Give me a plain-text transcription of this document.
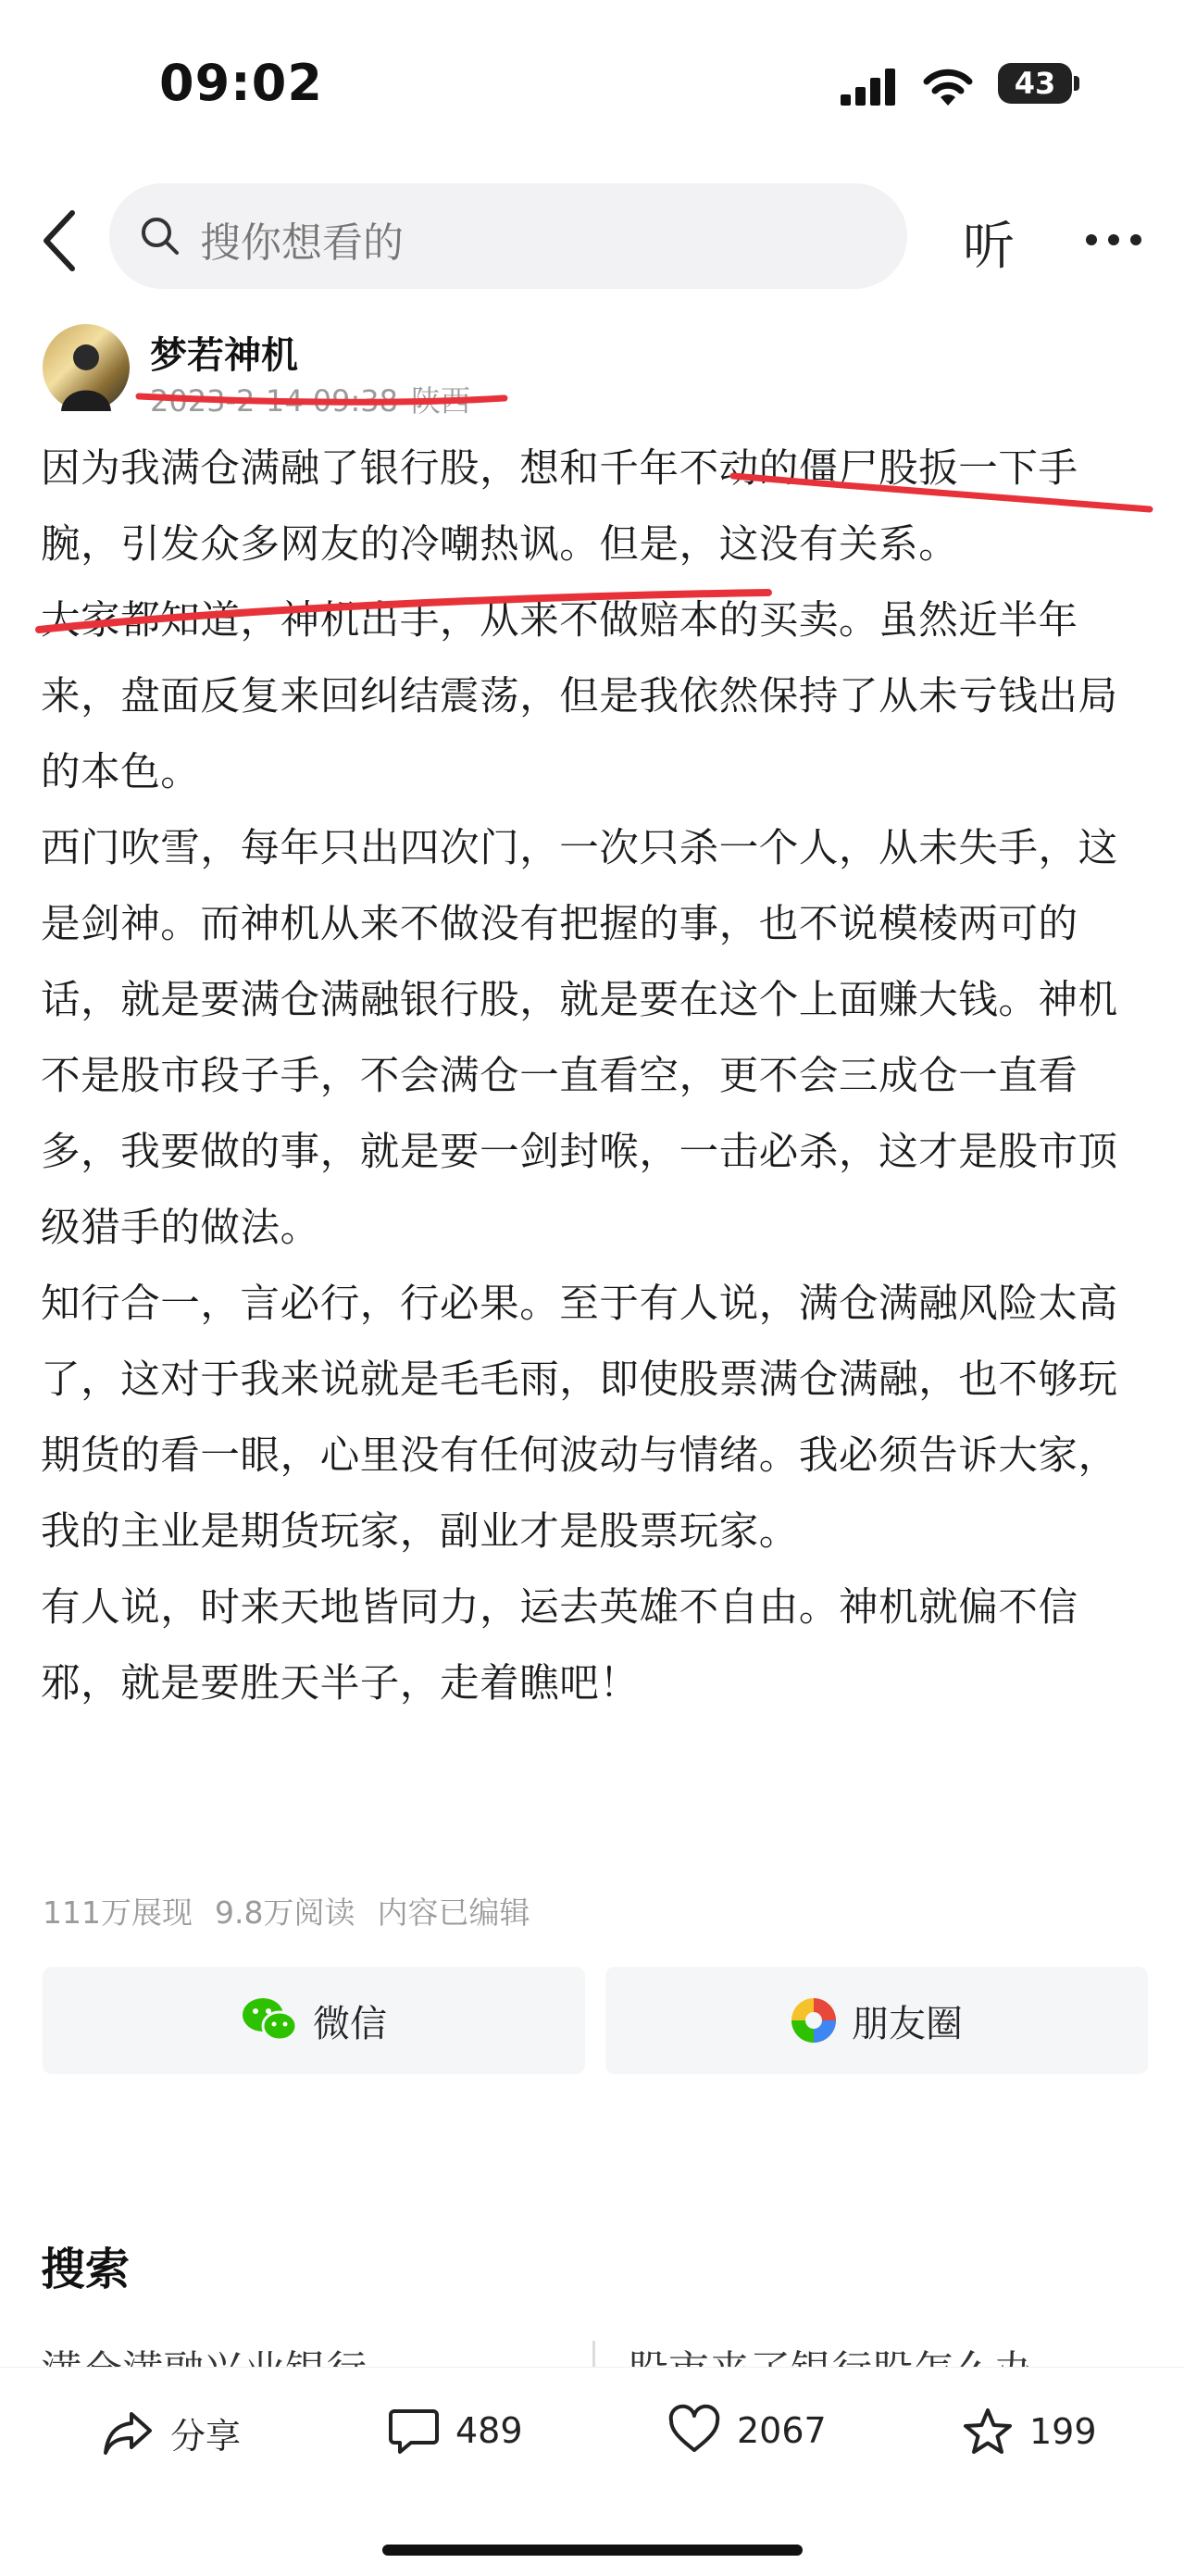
09:02	43
搜你想看的	听
梦若神机
2023-2-14 09:38 陕西

因为我满仓满融了银行股，想和千年不动的僵尸股扳一下手腕，引发众多网友的冷嘲热讽。但是，这没有关系。

大家都知道，神机出手，从来不做赔本的买卖。虽然近半年来，盘面反复来回纠结震荡，但是我依然保持了从未亏钱出局的本色。

西门吹雪，每年只出四次门，一次只杀一个人，从未失手，这是剑神。而神机从来不做没有把握的事，也不说模棱两可的话，就是要满仓满融银行股，就是要在这个上面赚大钱。神机不是股市段子手，不会满仓一直看空，更不会三成仓一直看多，我要做的事，就是要一剑封喉，一击必杀，这才是股市顶级猎手的做法。

知行合一，言必行，行必果。至于有人说，满仓满融风险太高了，这对于我来说就是毛毛雨，即使股票满仓满融，也不够玩期货的看一眼，心里没有任何波动与情绪。我必须告诉大家，我的主业是期货玩家，副业才是股票玩家。

有人说，时来天地皆同力，运去英雄不自由。神机就偏不信邪，就是要胜天半子，走着瞧吧！

111万展现 9.8万阅读 内容已编辑
微信	朋友圈
搜索
分享	489	2067	199
